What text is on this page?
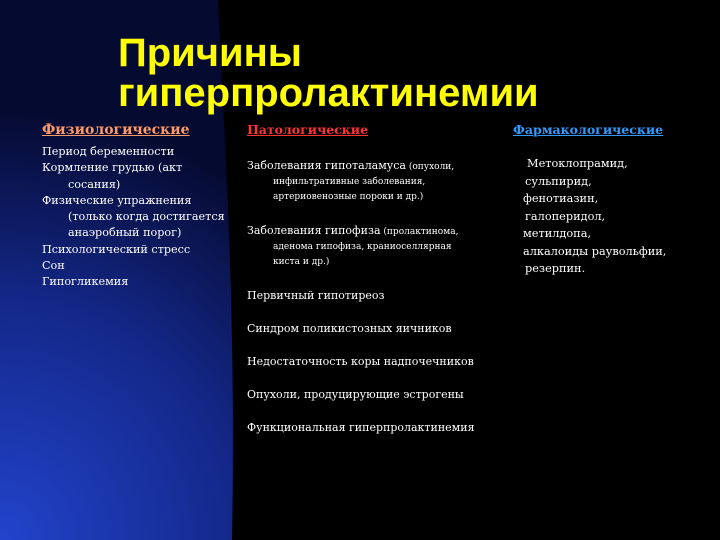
Причины
гиперпролактинемии
Физиологические
Период беременности
Кормление грудью (акт
сосания)
Физические упражнения
(только когда достигается
анаэробный порог)
Психологический стресс
Сон
Гипогликемия
Патологические
Заболевания гипоталамуса (опухоли,
инфильтративные заболевания,
артериовенозные пороки и др.)
Заболевания гипофиза (пролактинома,
аденома гипофиза, краниоселлярная
киста и др.)
Первичный гипотиреоз
Синдром поликистозных яичников
Недостаточность коры надпочечников
Опухоли, продуцирующие эстрогены
Функциональная гиперпролактинемия
Фармакологические
Метоклопрамид,
сульпирид,
фенотиазин,
галоперидол,
метилдопа,
алкалоиды раувольфии,
резерпин.
